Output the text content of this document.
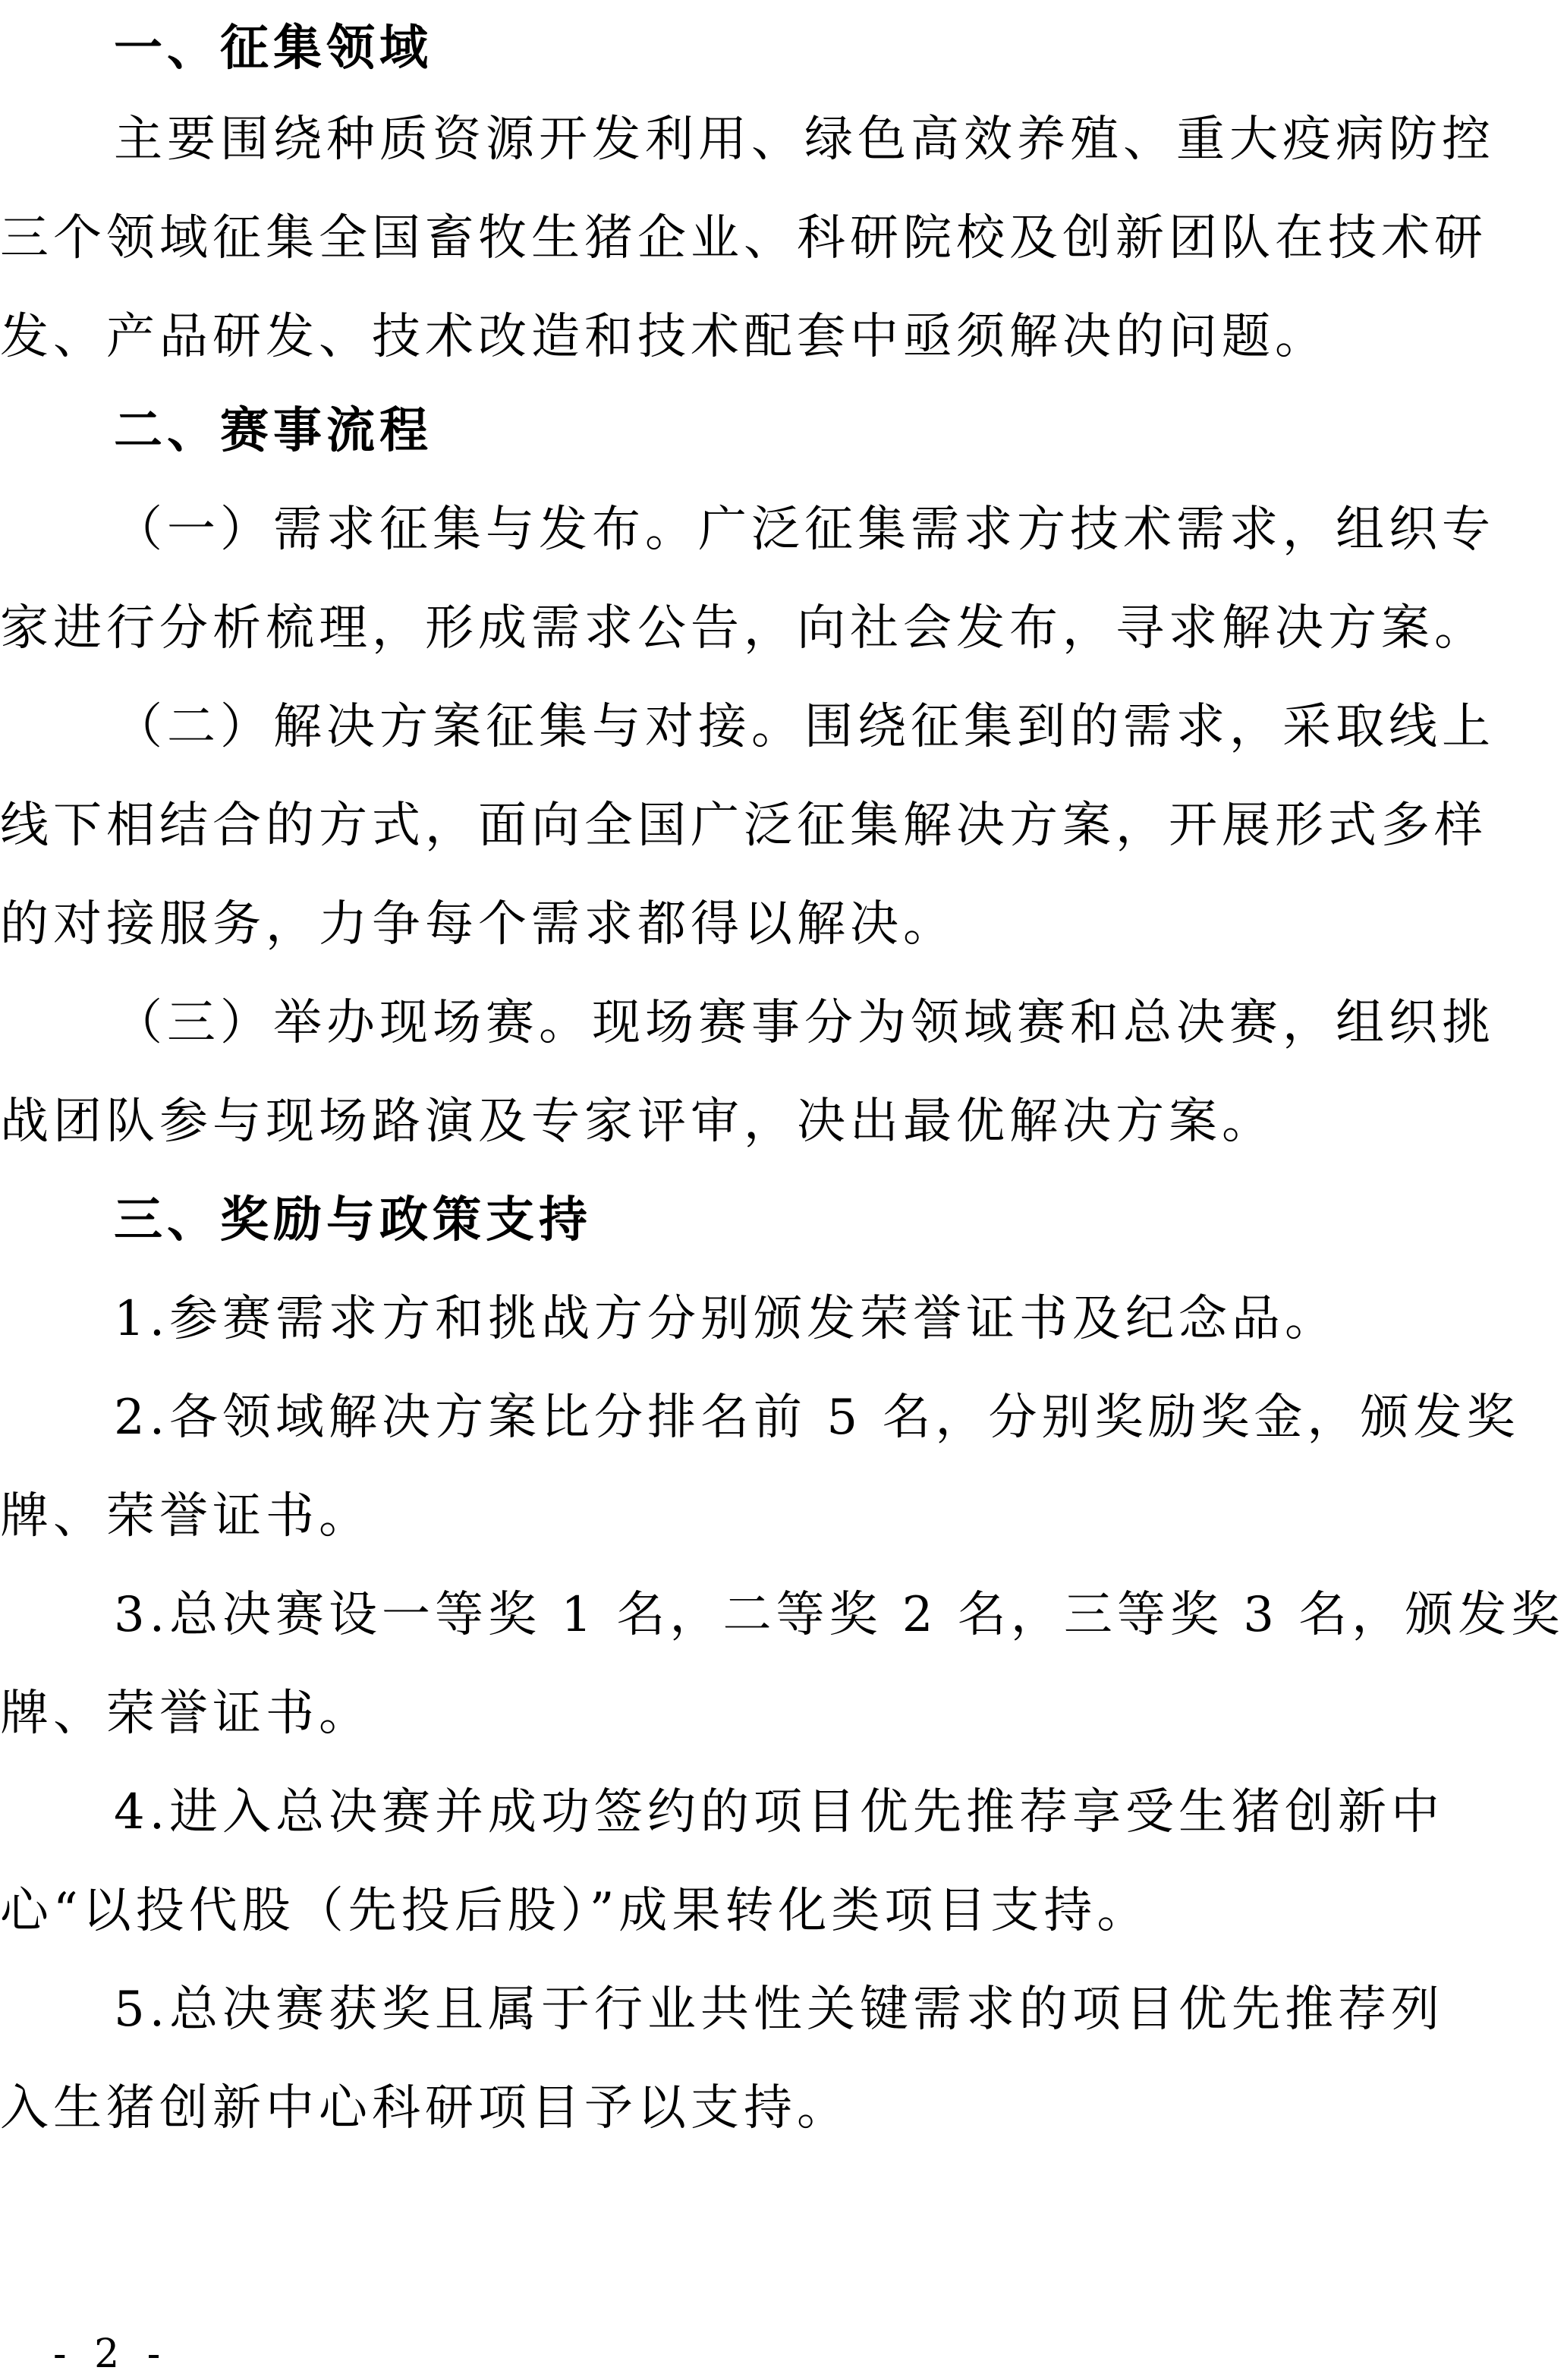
一、征集领域

主要围绕种质资源开发利用、绿色高效养殖、重大疫病防控

三个领域征集全国畜牧生猪企业、科研院校及创新团队在技术研

发、产品研发、技术改造和技术配套中亟须解决的问题。

二、赛事流程

（一）需求征集与发布。广泛征集需求方技术需求，组织专

家进行分析梳理，形成需求公告，向社会发布，寻求解决方案。

（二）解决方案征集与对接。围绕征集到的需求，采取线上

线下相结合的方式，面向全国广泛征集解决方案，开展形式多样

的对接服务，力争每个需求都得以解决。

（三）举办现场赛。现场赛事分为领域赛和总决赛，组织挑

战团队参与现场路演及专家评审，决出最优解决方案。

三、奖励与政策支持

1.参赛需求方和挑战方分别颁发荣誉证书及纪念品。

2.各领域解决方案比分排名前 5 名，分别奖励奖金，颁发奖

牌、荣誉证书。

3.总决赛设一等奖 1 名，二等奖 2 名，三等奖 3 名，颁发奖

牌、荣誉证书。

4.进入总决赛并成功签约的项目优先推荐享受生猪创新中

心“以投代股（先投后股）”成果转化类项目支持。

5.总决赛获奖且属于行业共性关键需求的项目优先推荐列

入生猪创新中心科研项目予以支持。

- 2 -
